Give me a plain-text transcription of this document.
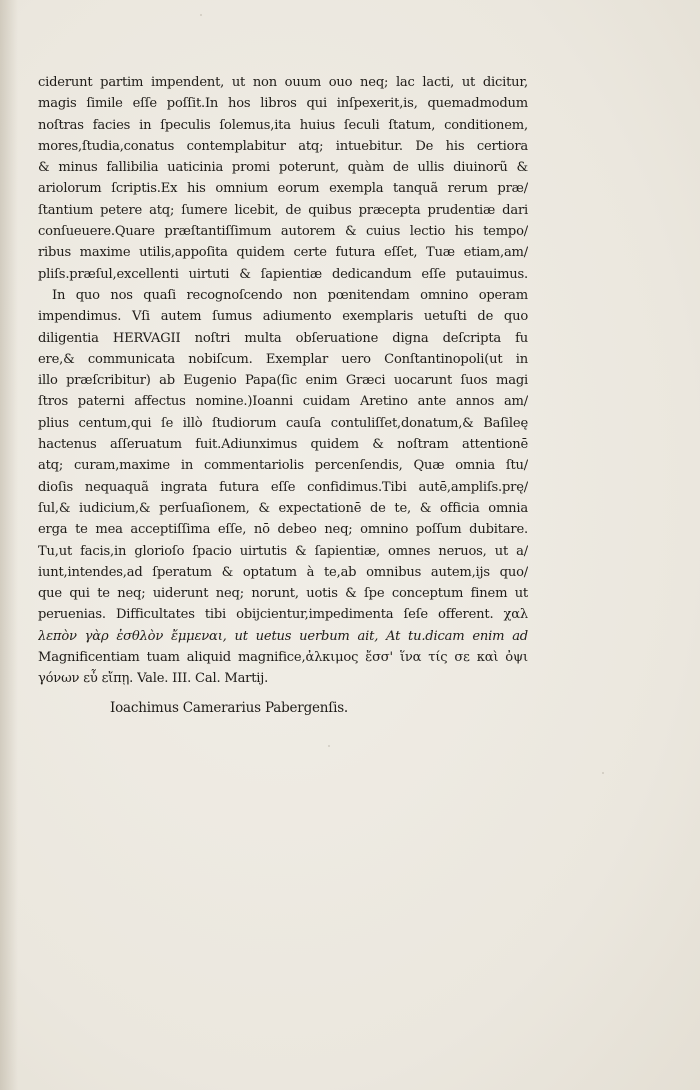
ciderunt partim impendent, ut non ouum ouo neq; lac lacti, ut dicitur,
magis ſimile eſſe poſſit.In hos libros qui inſpexerit,is, quemadmodum
noſtras facies in ſpeculis ſolemus,ita huius ſeculi ſtatum, conditionem,
mores,ſtudia,conatus contemplabitur atq; intuebitur. De his certiora
& minus fallibilia uaticinia promi poterunt, quàm de ullis diuinorũ &
ariolorum ſcriptis.Ex his omnium eorum exempla tanquã rerum præ/
ſtantium petere atq; ſumere licebit, de quibus præcepta prudentiæ dari
conſueuere.Quare præſtantiſſimum autorem & cuius lectio his tempo/
ribus maxime utilis,appoſita quidem certe futura eſſet, Tuæ etiam,am/
pliſs.præſul,excellenti uirtuti & ſapientiæ dedicandum eſſe putauimus.
In quo nos quaſi recognoſcendo non pœnitendam omnino operam
impendimus. Vſi autem ſumus adiumento exemplaris uetuſti de quo
diligentia HERVAGII noſtri multa obſeruatione digna deſcripta fu
ere,& communicata nobiſcum. Exemplar uero Conſtantinopoli(ut in
illo præſcribitur) ab Eugenio Papa(ſic enim Græci uocarunt ſuos magi
ſtros paterni affectus nomine.)Ioanni cuidam Aretino ante annos am/
plius centum,qui ſe illò ſtudiorum cauſa contuliſſet,donatum,& Baſileę
hactenus aſſeruatum fuit.Adiunximus quidem & noſtram attentionē
atq; curam,maxime in commentariolis percenſendis, Quæ omnia ſtu/
dioſis nequaquã ingrata futura eſſe confidimus.Tibi autē,ampliſs.prę/
ſul,& iudicium,& perſuaſionem, & expectationē de te, & officia omnia
erga te mea acceptiſſima eſſe, nō debeo neq; omnino poſſum dubitare.
Tu,ut facis,in glorioſo ſpacio uirtutis & ſapientiæ, omnes neruos, ut a/
iunt,intendes,ad ſperatum & optatum à te,ab omnibus autem,ijs quo/
que qui te neq; uiderunt neq; norunt, uotis & ſpe conceptum finem ut
peruenias. Difficultates tibi obijcientur,impedimenta ſeſe offerent. χαλ
λεπὸν γὰρ ἐσθλὸν ἔμμεναι, ut uetus uerbum ait, At tu.dicam enim ad
Magnificentiam tuam aliquid magnifice,ἀλκιμος ἔσσ' ἵνα τίς σε καὶ ὀψι
γόνων εὖ εἴπῃ. Vale. III. Cal. Martij.
Ioachimus Camerarius Pabergenſis.
